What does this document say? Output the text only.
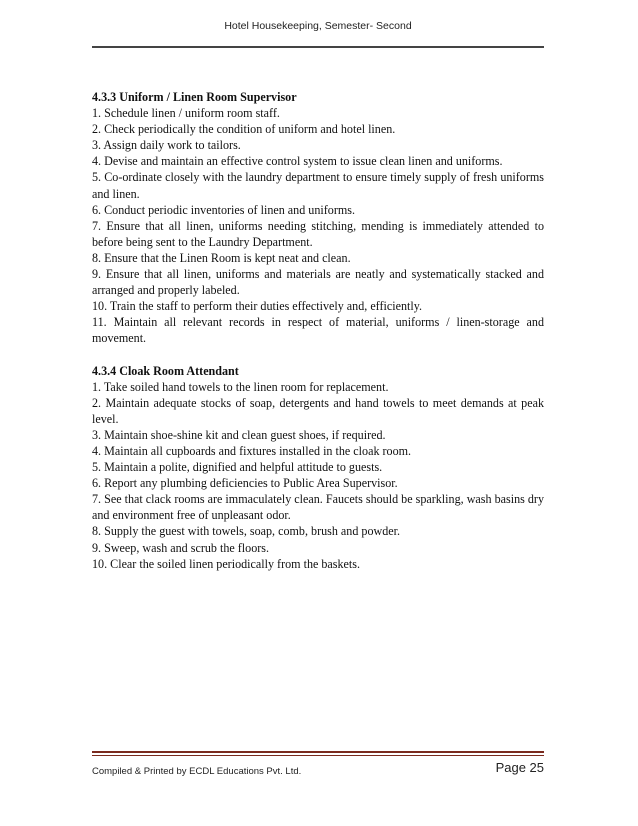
Hotel Housekeeping, Semester- Second

4.3.3 Uniform / Linen Room Supervisor

1. Schedule linen / uniform room staff.

2. Check periodically the condition of uniform and hotel linen.

3. Assign daily work to tailors.

4. Devise and maintain an effective control system to issue clean linen and uniforms.

5. Co-ordinate closely with the laundry department to ensure timely supply of fresh uniforms and linen.

6. Conduct periodic inventories of linen and uniforms.

7. Ensure that all linen, uniforms needing stitching, mending is immediately attended to before being sent to the Laundry Department.

8. Ensure that the Linen Room is kept neat and clean.

9. Ensure that all linen, uniforms and materials are neatly and systematically stacked and arranged and properly labeled.

10. Train the staff to perform their duties effectively and, efficiently.

11. Maintain all relevant records in respect of material, uniforms / linen-storage and movement.

4.3.4 Cloak Room Attendant

1. Take soiled hand towels to the linen room for replacement.

2. Maintain adequate stocks of soap, detergents and hand towels to meet demands at peak level.

3. Maintain shoe-shine kit and clean guest shoes, if required.

4. Maintain all cupboards and fixtures installed in the cloak room.

5. Maintain a polite, dignified and helpful attitude to guests.

6. Report any plumbing deficiencies to Public Area Supervisor.

7. See that clack rooms are immaculately clean. Faucets should be sparkling, wash basins dry and environment free of unpleasant odor.

8. Supply the guest with towels, soap, comb, brush and powder.

9. Sweep, wash and scrub the floors.

10. Clear the soiled linen periodically from the baskets.

Compiled & Printed by ECDL Educations Pvt. Ltd.	Page 25
